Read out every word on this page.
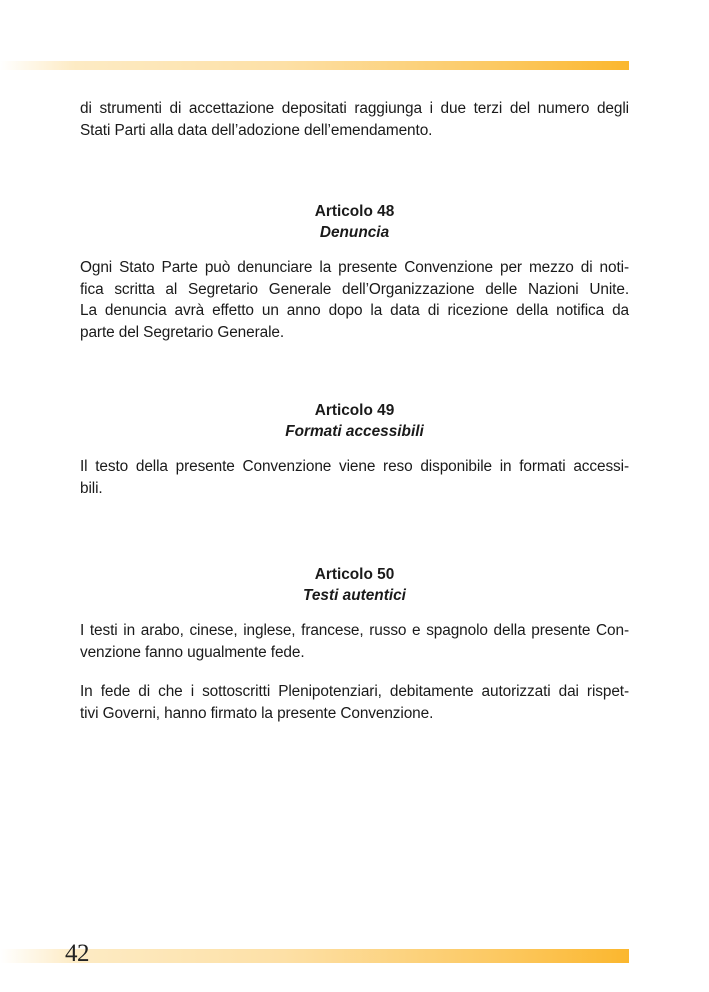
di strumenti di accettazione depositati raggiunga i due terzi del numero degli
Stati Parti alla data dell’adozione dell’emendamento.

Articolo 48
Denuncia

Ogni Stato Parte può denunciare la presente Convenzione per mezzo di noti-
fica scritta al Segretario Generale dell’Organizzazione delle Nazioni Unite.
La denuncia avrà effetto un anno dopo la data di ricezione della notifica da
parte del Segretario Generale.

Articolo 49
Formati accessibili

Il testo della presente Convenzione viene reso disponibile in formati accessi-
bili.

Articolo 50
Testi autentici

I testi in arabo, cinese, inglese, francese, russo e spagnolo della presente Con-
venzione fanno ugualmente fede.

In fede di che i sottoscritti Plenipotenziari, debitamente autorizzati dai rispet-
tivi Governi, hanno firmato la presente Convenzione.

42
